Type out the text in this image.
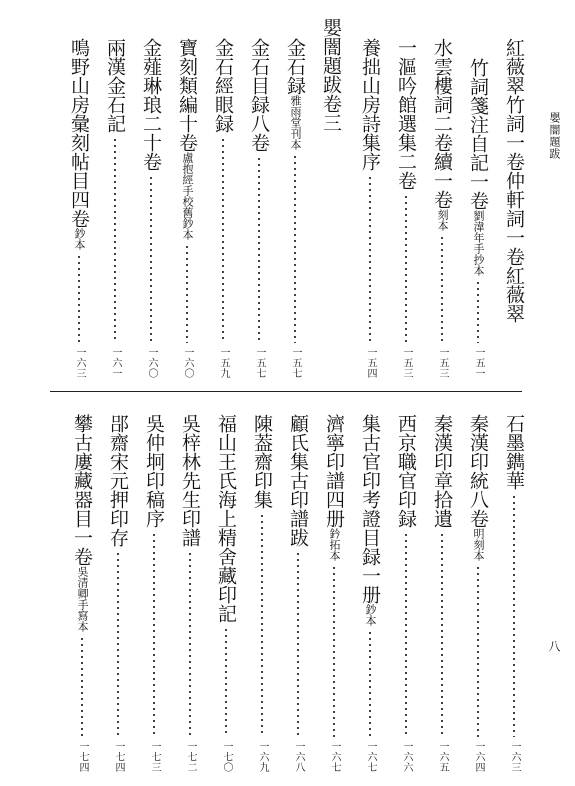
嬰闇題跋
八
紅薇翠竹詞一卷仲軒詞一卷紅薇翠
竹詞箋注自記一卷
劉湋年手抄本
一五一
水雲樓詞二卷續一卷
刻本
一五三
一漚吟館選集二卷
一五三
養拙山房詩集序
一五四
嬰闇題跋卷三
金石録
雅雨堂刊本
一五七
金石目録八卷
一五七
金石經眼録
一五九
寶刻類編十卷
盧抱經手校舊鈔本
一六〇
金薤琳琅二十卷
一六〇
兩漢金石記
一六一
鳴野山房彙刻帖目四卷
鈔本
一六三
石墨鐫華
一六三
秦漢印統八卷
明刻本
一六四
秦漢印章拾遺
一六五
西京職官印録
一六六
集古官印考證目録一册
鈔本
一六七
濟寧印譜四册
鈐拓本
一六七
顧氏集古印譜跋
一六八
陳葢齋印集
一六九
福山王氏海上精舍藏印記
一七〇
吳梓林先生印譜
一七二
吳仲坰印稿序
一七三
郘齋宋元押印存
一七四
攀古廔藏器目一卷
吳清卿手寫本
一七四
